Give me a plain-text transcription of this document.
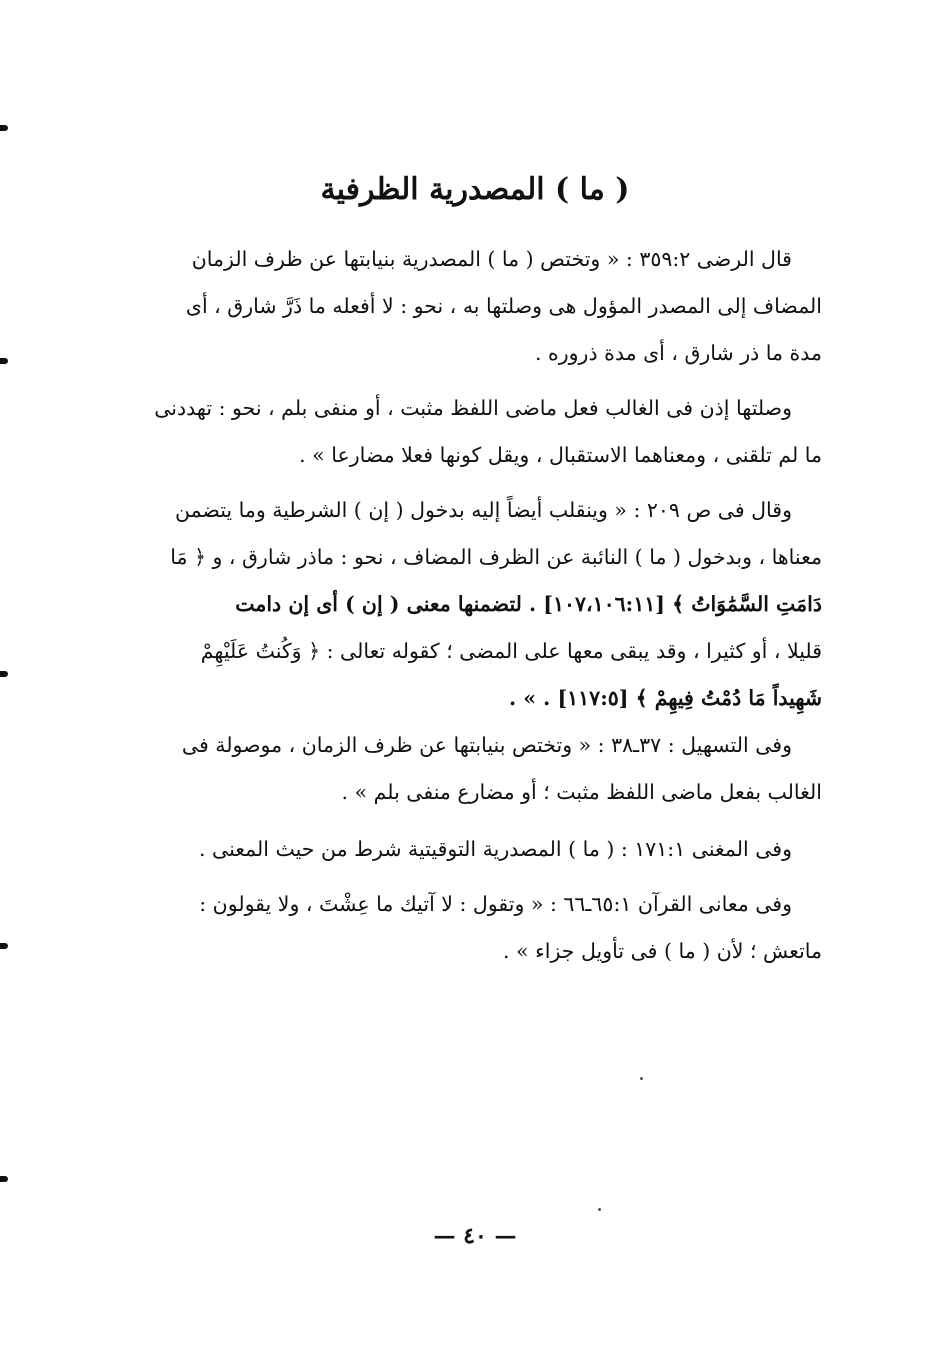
( ما ) المصدرية الظرفية

قال الرضى ٣٥٩:٢ : « وتختص ( ما ) المصدرية بنيابتها عن ظرف الزمان
المضاف إلى المصدر المؤول هى وصلتها به ، نحو : لا أفعله ما ذَرَّ شارق ، أى
مدة ما ذر شارق ، أى مدة ذروره .

وصلتها إذن فى الغالب فعل ماضى اللفظ مثبت ، أو منفى بلم ، نحو : تهددنى
ما لم تلقنى ، ومعناهما الاستقبال ، ويقل كونها فعلا مضارعا » .

وقال فى ص ٢٠٩ : « وينقلب أيضاً إليه بدخول ( إن ) الشرطية وما يتضمن
معناها ، وبدخول ( ما ) النائبة عن الظرف المضاف ، نحو : ماذر شارق ، و ﴿ مَا
دَامَتِ السَّمَٰوَاتُ ﴾ [١٠٧،١٠٦:١١] . لتضمنها معنى ( إن ) أى إن دامت
قليلا ، أو كثيرا ، وقد يبقى معها على المضى ؛ كقوله تعالى : ﴿ وَكُنتُ عَلَيْهِمْ
شَهِيداً مَا دُمْتُ فِيهِمْ ﴾ [١١٧:٥] . » .

وفى التسهيل : ٣٧ـ٣٨ : « وتختص بنيابتها عن ظرف الزمان ، موصولة فى
الغالب بفعل ماضى اللفظ مثبت ؛ أو مضارع منفى بلم » .

وفى المغنى ١٧١:١ : ( ما ) المصدرية التوقيتية شرط من حيث المعنى .

وفى معانى القرآن ٦٥:١ـ٦٦ : « وتقول : لا آتيك ما عِشْتَ ، ولا يقولون :
ماتعش ؛ لأن ( ما ) فى تأويل جزاء » .

— ٤٠ —
